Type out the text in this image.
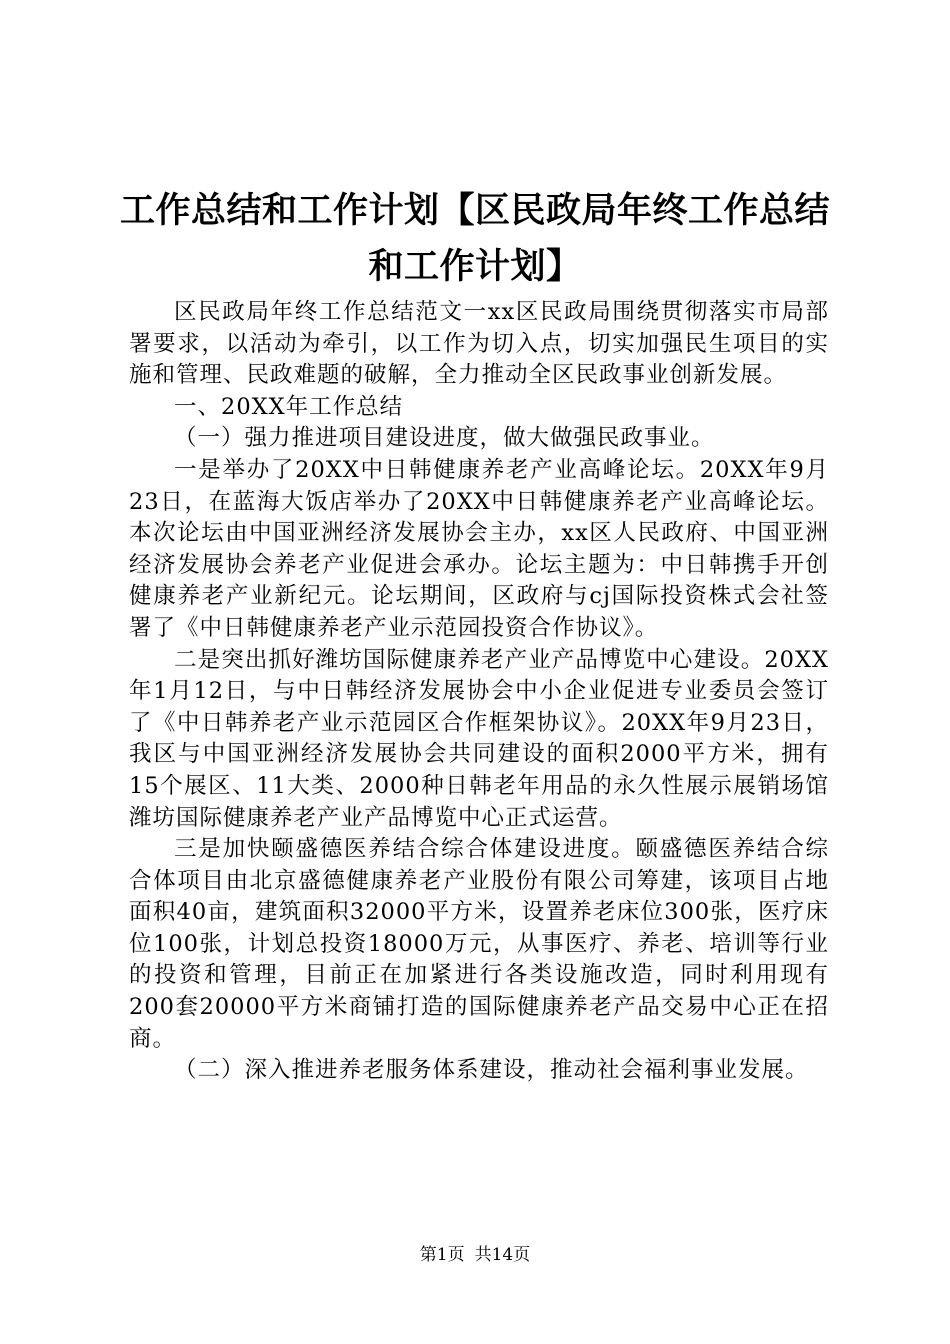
工作总结和工作计划【区民政局年终工作总结和工作计划】

区民政局年终工作总结范文一xx区民政局围绕贯彻落实市局部署要求，以活动为牵引，以工作为切入点，切实加强民生项目的实施和管理、民政难题的破解，全力推动全区民政事业创新发展。

一、20XX年工作总结

（一）强力推进项目建设进度，做大做强民政事业。

一是举办了20XX中日韩健康养老产业高峰论坛。20XX年9月23日，在蓝海大饭店举办了20XX中日韩健康养老产业高峰论坛。本次论坛由中国亚洲经济发展协会主办，xx区人民政府、中国亚洲经济发展协会养老产业促进会承办。论坛主题为：中日韩携手开创健康养老产业新纪元。论坛期间，区政府与cj国际投资株式会社签署了《中日韩健康养老产业示范园投资合作协议》。

二是突出抓好潍坊国际健康养老产业产品博览中心建设。20XX年1月12日，与中日韩经济发展协会中小企业促进专业委员会签订了《中日韩养老产业示范园区合作框架协议》。20XX年9月23日，我区与中国亚洲经济发展协会共同建设的面积2000平方米，拥有15个展区、11大类、2000种日韩老年用品的永久性展示展销场馆潍坊国际健康养老产业产品博览中心正式运营。

三是加快颐盛德医养结合综合体建设进度。颐盛德医养结合综合体项目由北京盛德健康养老产业股份有限公司筹建，该项目占地面积40亩，建筑面积32000平方米，设置养老床位300张，医疗床位100张，计划总投资18000万元，从事医疗、养老、培训等行业的投资和管理，目前正在加紧进行各类设施改造，同时利用现有200套20000平方米商铺打造的国际健康养老产品交易中心正在招商。

（二）深入推进养老服务体系建设，推动社会福利事业发展。

第1页 共14页
